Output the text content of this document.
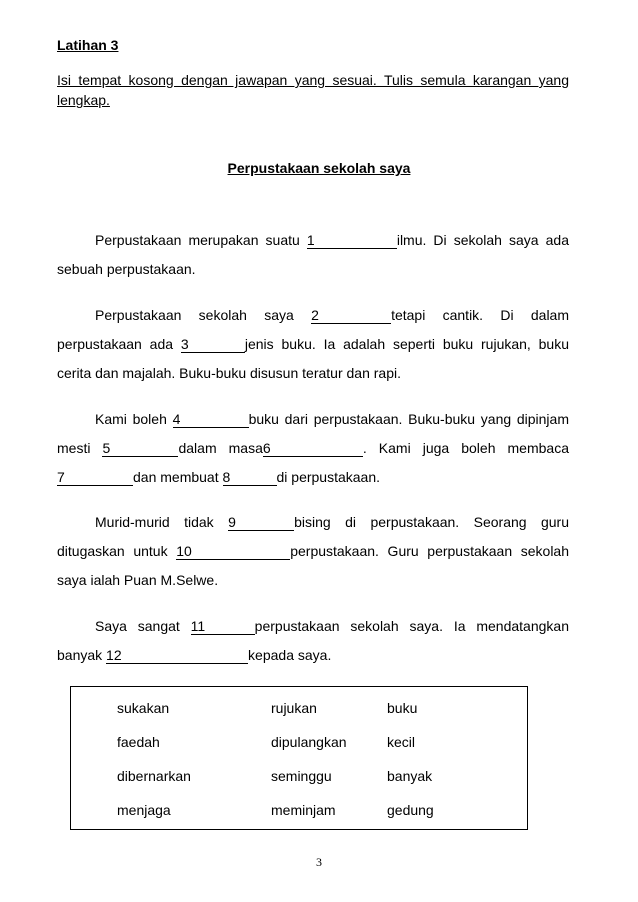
Latihan 3
Isi tempat kosong dengan jawapan yang sesuai. Tulis semula karangan yang lengkap.
Perpustakaan sekolah saya
Perpustakaan merupakan suatu 1	ilmu. Di sekolah saya ada sebuah perpustakaan.
Perpustakaan sekolah saya 2	tetapi cantik. Di dalam perpustakaan ada 3	jenis buku. Ia adalah seperti buku rujukan, buku cerita dan majalah. Buku-buku disusun teratur dan rapi.
Kami boleh 4	buku dari perpustakaan. Buku-buku yang dipinjam mesti 5	dalam masa6	. Kami juga boleh membaca 7	dan membuat 8	di perpustakaan.
Murid-murid tidak 9	bising di perpustakaan. Seorang guru ditugaskan untuk 10	perpustakaan. Guru perpustakaan sekolah saya ialah Puan M.Selwe.
Saya sangat 11	perpustakaan sekolah saya. Ia mendatangkan banyak 12	kepada saya.
sukakan	rujukan	buku
faedah	dipulangkan	kecil
dibernarkan	seminggu	banyak
menjaga	meminjam	gedung
3
